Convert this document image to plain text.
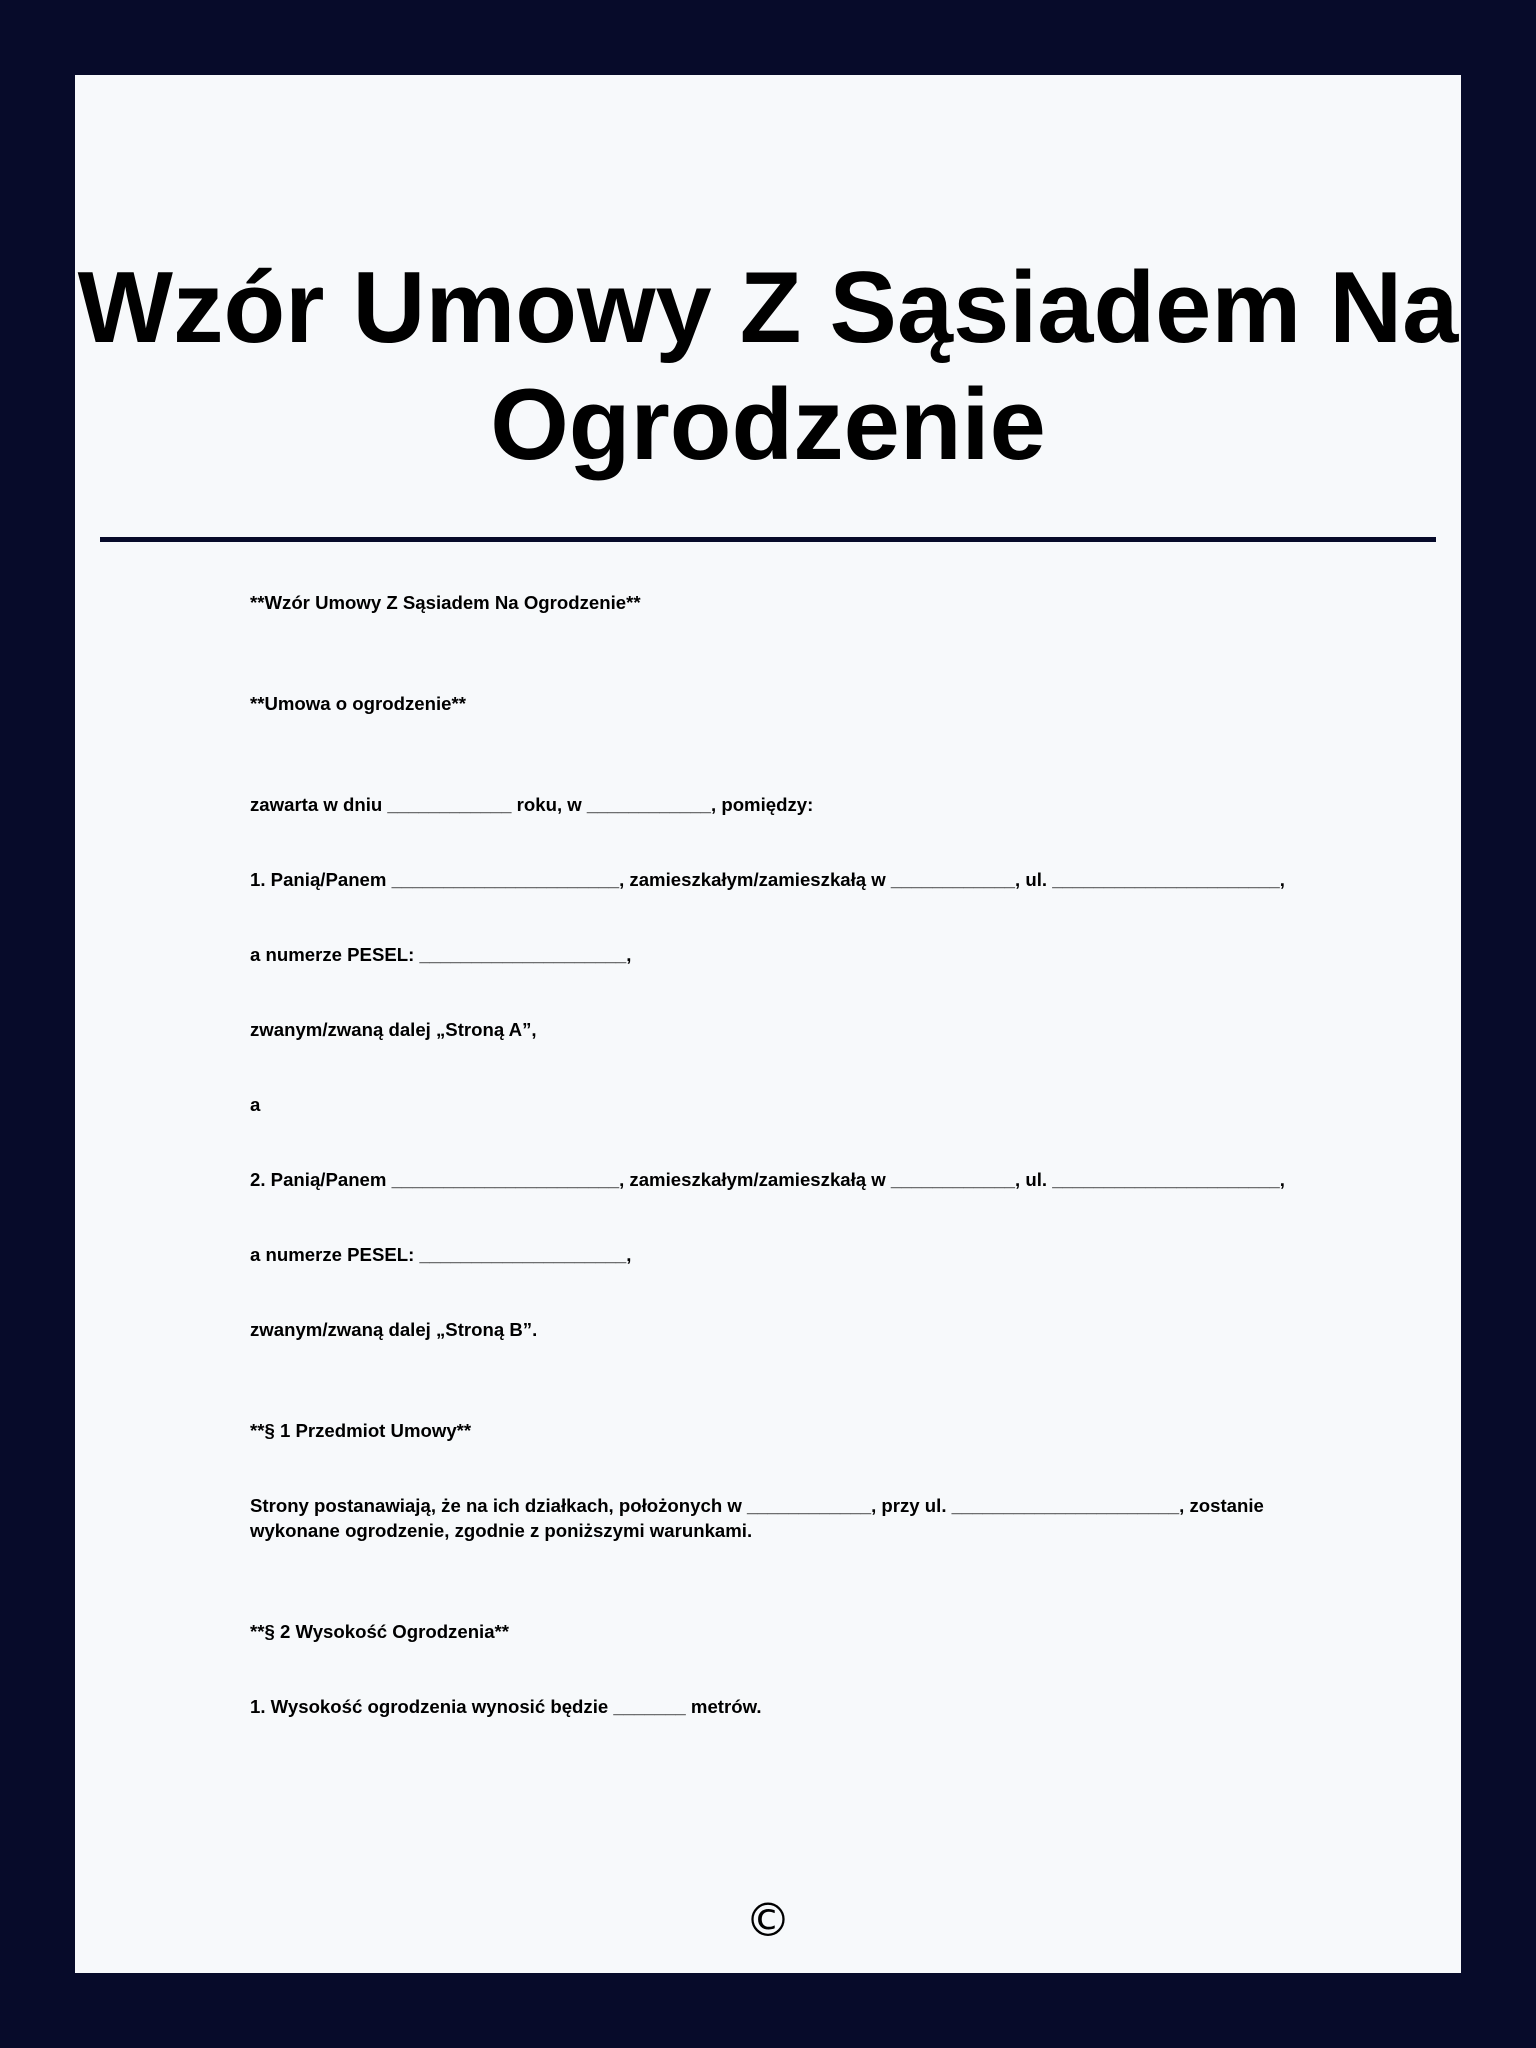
Wzór Umowy Z Sąsiadem Na Ogrodzenie

**Wzór Umowy Z Sąsiadem Na Ogrodzenie**

**Umowa o ogrodzenie**

zawarta w dniu ____________ roku, w ____________, pomiędzy:

1. Panią/Panem ______________________, zamieszkałym/zamieszkałą w ____________, ul. ______________________,

a numerze PESEL: ____________________,

zwanym/zwaną dalej „Stroną A”,

a

2. Panią/Panem ______________________, zamieszkałym/zamieszkałą w ____________, ul. ______________________,

a numerze PESEL: ____________________,

zwanym/zwaną dalej „Stroną B”.

**§ 1 Przedmiot Umowy**

Strony postanawiają, że na ich działkach, położonych w ____________, przy ul. ______________________, zostanie wykonane ogrodzenie, zgodnie z poniższymi warunkami.

**§ 2 Wysokość Ogrodzenia**

1. Wysokość ogrodzenia wynosić będzie _______ metrów.

©
